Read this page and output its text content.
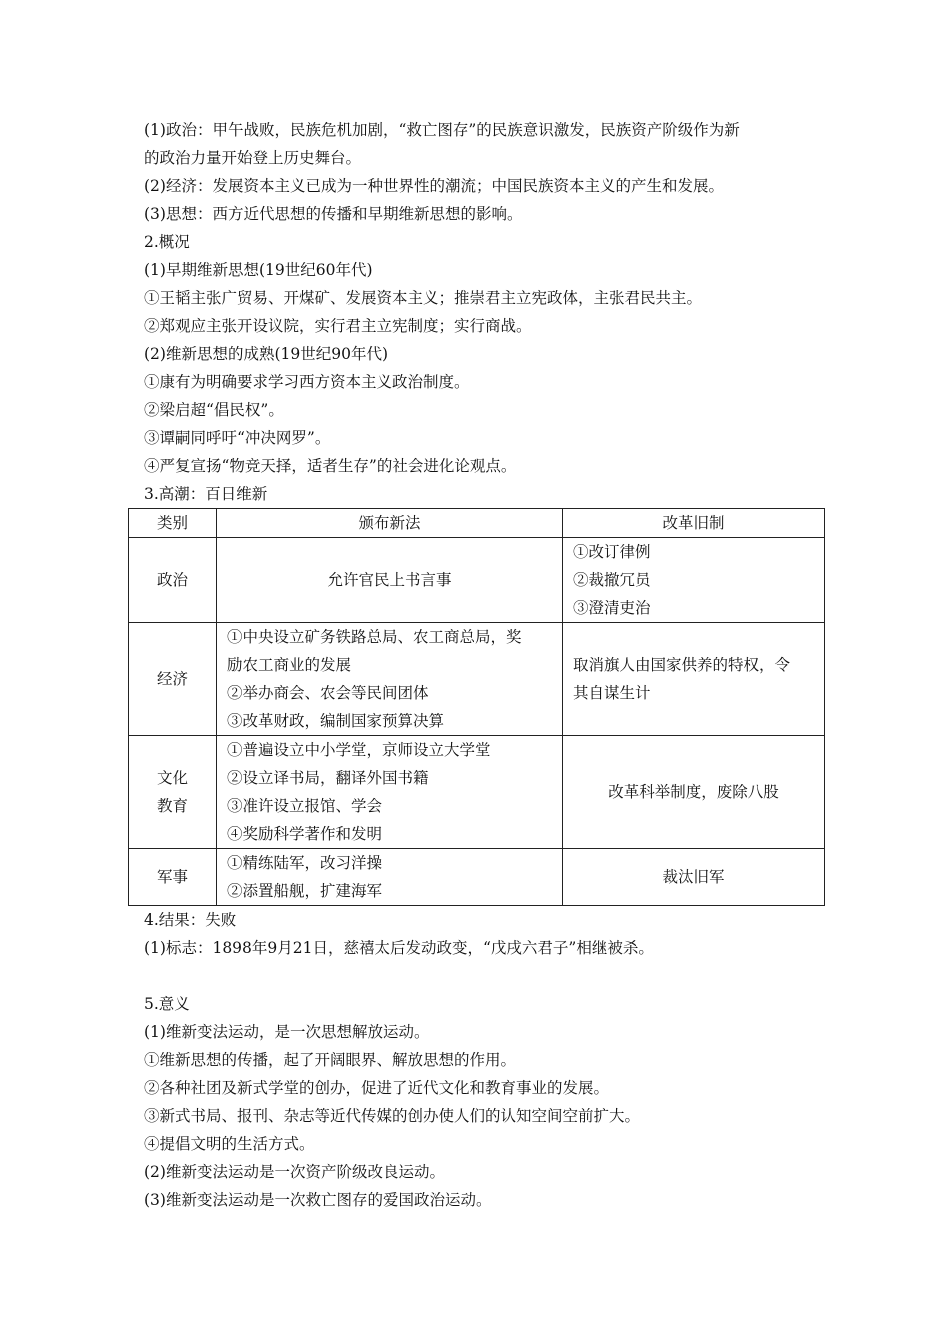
(1)政治：甲午战败，民族危机加剧，“救亡图存”的民族意识激发，民族资产阶级作为新
的政治力量开始登上历史舞台。
(2)经济：发展资本主义已成为一种世界性的潮流；中国民族资本主义的产生和发展。
(3)思想：西方近代思想的传播和早期维新思想的影响。
2.概况
(1)早期维新思想(19世纪60年代)
①王韬主张广贸易、开煤矿、发展资本主义；推崇君主立宪政体，主张君民共主。
②郑观应主张开设议院，实行君主立宪制度；实行商战。
(2)维新思想的成熟(19世纪90年代)
①康有为明确要求学习西方资本主义政治制度。
②梁启超“倡民权”。
③谭嗣同呼吁“冲决网罗”。
④严复宣扬“物竞天择，适者生存”的社会进化论观点。
3.高潮：百日维新
类别	颁布新法	改革旧制

政治	允许官民上书言事	①改订律例
②裁撤冗员
③澄清吏治

经济	①中央设立矿务铁路总局、农工商总局，奖
励农工商业的发展
②举办商会、农会等民间团体
③改革财政，编制国家预算决算	取消旗人由国家供养的特权，令
其自谋生计

文化
教育	①普遍设立中小学堂，京师设立大学堂
②设立译书局，翻译外国书籍
③准许设立报馆、学会
④奖励科学著作和发明	改革科举制度，废除八股

军事	①精练陆军，改习洋操
②添置船舰，扩建海军	裁汰旧军
4.结果：失败
(1)标志：1898年9月21日，慈禧太后发动政变，“戊戌六君子”相继被杀。
5.意义
(1)维新变法运动，是一次思想解放运动。
①维新思想的传播，起了开阔眼界、解放思想的作用。
②各种社团及新式学堂的创办，促进了近代文化和教育事业的发展。
③新式书局、报刊、杂志等近代传媒的创办使人们的认知空间空前扩大。
④提倡文明的生活方式。
(2)维新变法运动是一次资产阶级改良运动。
(3)维新变法运动是一次救亡图存的爱国政治运动。
